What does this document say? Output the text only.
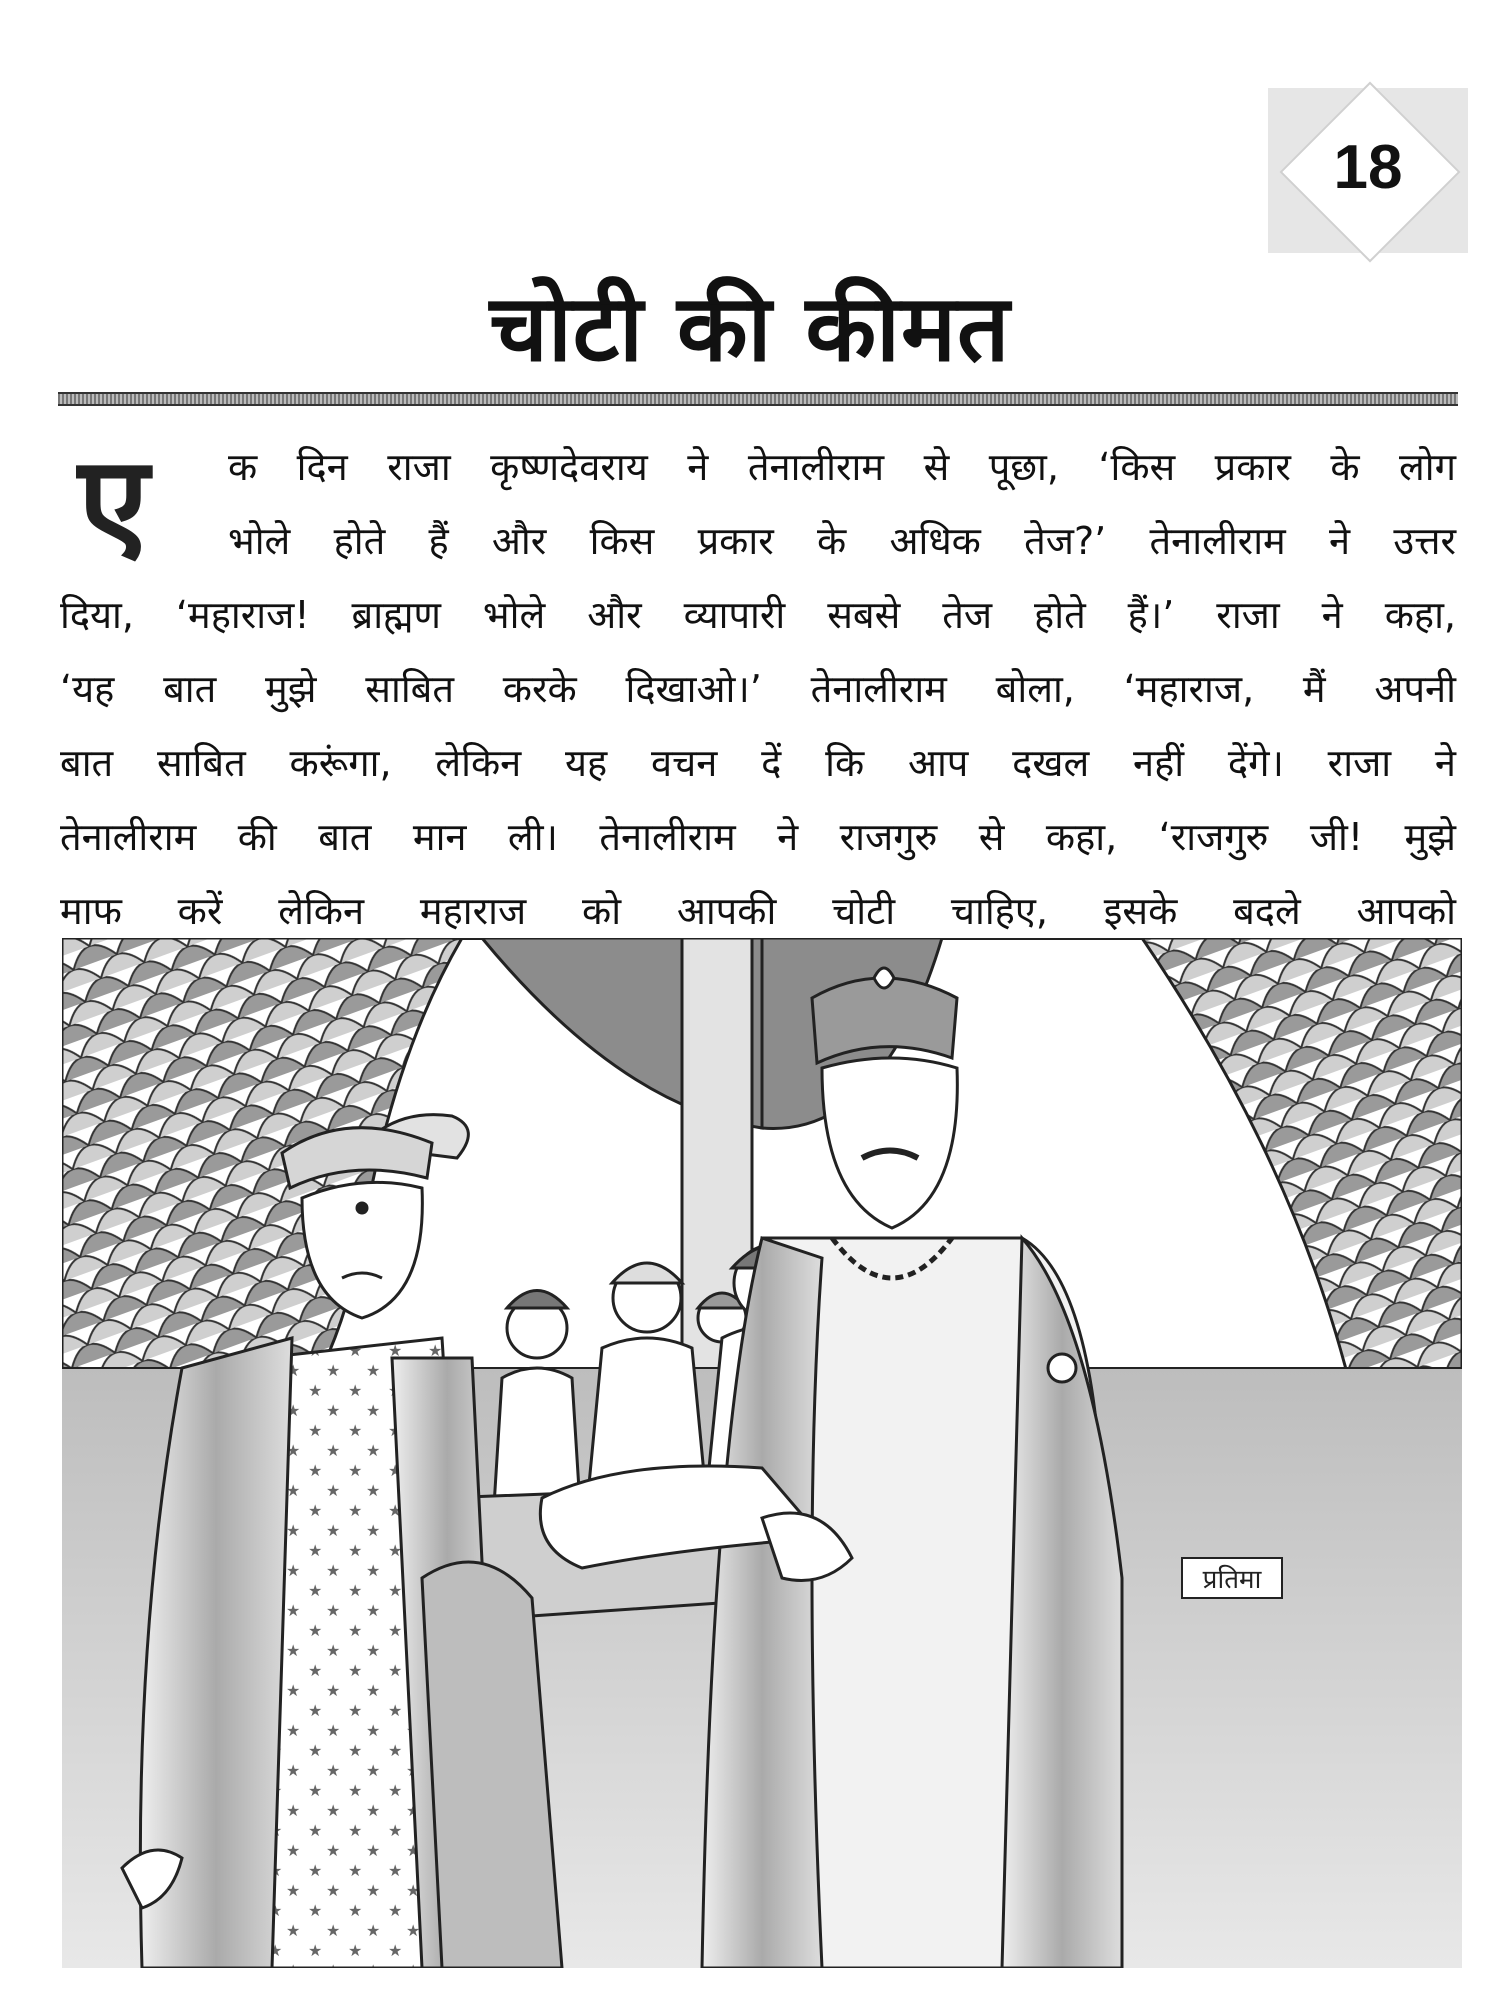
18
चोटी की कीमत
ए	क दिन राजा कृष्णदेवराय ने तेनालीराम से पूछा, ‘किस प्रकार के लोग
भोले होते हैं और किस प्रकार के अधिक तेज?’ तेनालीराम ने उत्तर
दिया, ‘महाराज! ब्राह्मण भोले और व्यापारी सबसे तेज होते हैं।’ राजा ने कहा,
‘यह बात मुझे साबित करके दिखाओ।’ तेनालीराम बोला, ‘महाराज, मैं अपनी
बात साबित करूंगा, लेकिन यह वचन दें कि आप दखल नहीं देंगे। राजा ने
तेनालीराम की बात मान ली। तेनालीराम ने राजगुरु से कहा, ‘राजगुरु जी! मुझे
माफ करें लेकिन महाराज को आपकी चोटी चाहिए, इसके बदले आपको
प्रतिमा
